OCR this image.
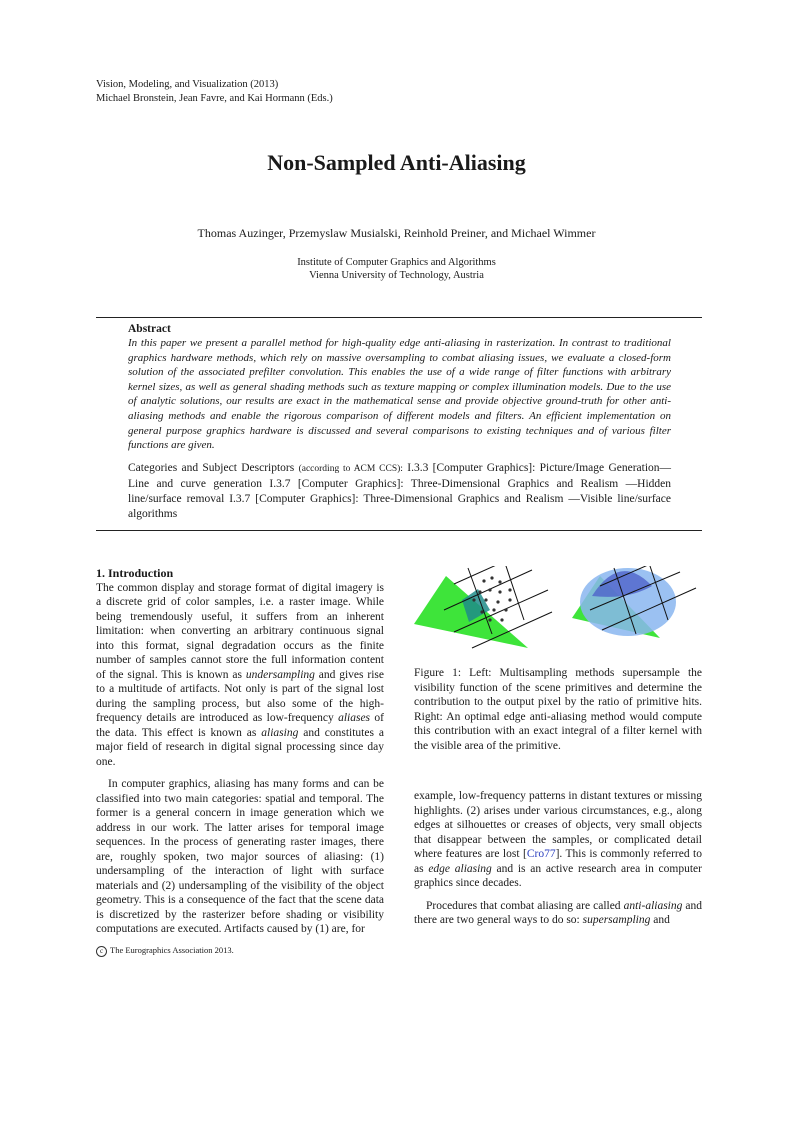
Vision, Modeling, and Visualization (2013)
Michael Bronstein, Jean Favre, and Kai Hormann (Eds.)
Non-Sampled Anti-Aliasing
Thomas Auzinger, Przemyslaw Musialski, Reinhold Preiner, and Michael Wimmer
Institute of Computer Graphics and Algorithms
Vienna University of Technology, Austria

Abstract

In this paper we present a parallel method for high-quality edge anti-aliasing in rasterization. In contrast to traditional graphics hardware methods, which rely on massive oversampling to combat aliasing issues, we evaluate a closed-form solution of the associated prefilter convolution. This enables the use of a wide range of filter functions with arbitrary kernel sizes, as well as general shading methods such as texture mapping or complex illumination models. Due to the use of analytic solutions, our results are exact in the mathematical sense and provide objective ground-truth for other anti-aliasing methods and enable the rigorous comparison of different models and filters. An efficient implementation on general purpose graphics hardware is discussed and several comparisons to existing techniques and of various filter functions are given.

Categories and Subject Descriptors (according to ACM CCS): I.3.3 [Computer Graphics]: Picture/Image Generation—Line and curve generation I.3.7 [Computer Graphics]: Three-Dimensional Graphics and Realism —Hidden line/surface removal I.3.7 [Computer Graphics]: Three-Dimensional Graphics and Realism —Visible line/surface algorithms

1. Introduction

The common display and storage format of digital imagery is a discrete grid of color samples, i.e. a raster image. While being tremendously useful, it suffers from an inherent limitation: when converting an arbitrary continuous signal into this format, signal degradation occurs as the finite number of samples cannot store the full information content of the signal. This is known as undersampling and gives rise to a multitude of artifacts. Not only is part of the signal lost during the sampling process, but also some of the high-frequency details are introduced as low-frequency aliases of the data. This effect is known as aliasing and constitutes a major field of research in digital signal processing since day one.

In computer graphics, aliasing has many forms and can be classified into two main categories: spatial and temporal. The former is a general concern in image generation which we address in our work. The latter arises for temporal image sequences. In the process of generating raster images, there are, roughly spoken, two major sources of aliasing: (1) undersampling of the interaction of light with surface materials and (2) undersampling of the visibility of the object geometry. This is a consequence of the fact that the scene data is discretized by the rasterizer before shading or visibility computations are executed. Artifacts caused by (1) are, for

Figure 1: Left: Multisampling methods supersample the visibility function of the scene primitives and determine the contribution to the output pixel by the ratio of primitive hits. Right: An optimal edge anti-aliasing method would compute this contribution with an exact integral of a filter kernel with the visible area of the primitive.

example, low-frequency patterns in distant textures or missing highlights. (2) arises under various circumstances, e.g., along edges at silhouettes or creases of objects, very small objects that disappear between the samples, or complicated detail where features are lost [Cro77]. This is commonly referred to as edge aliasing and is an active research area in computer graphics since decades.

Procedures that combat aliasing are called anti-aliasing and there are two general ways to do so: supersampling and

c The Eurographics Association 2013.
